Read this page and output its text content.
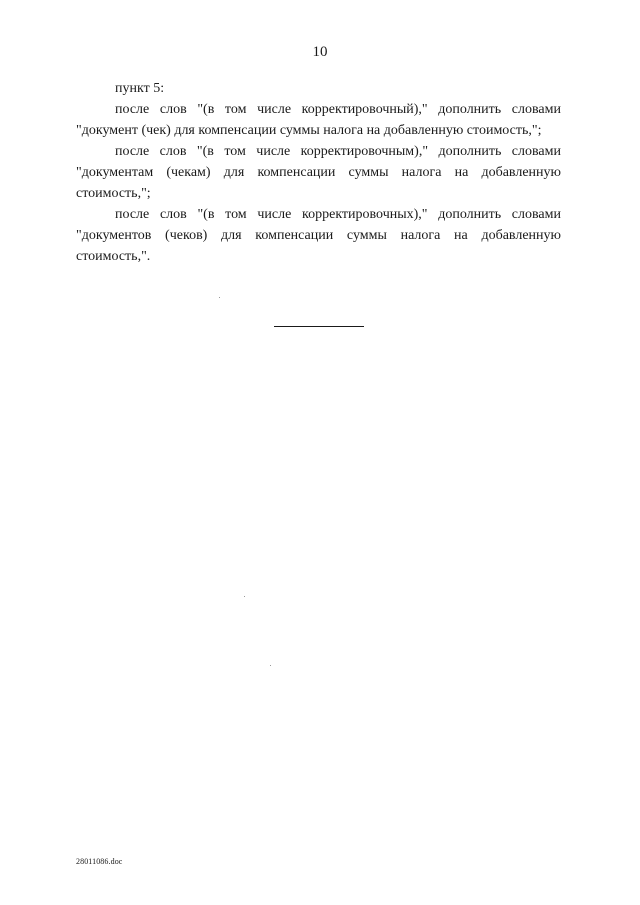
10

пункт 5:

после слов "(в том числе корректировочный)," дополнить словами "документ (чек) для компенсации суммы налога на добавленную стоимость,";

после слов "(в том числе корректировочным)," дополнить словами "документам (чекам) для компенсации суммы налога на добавленную стоимость,";

после слов "(в том числе корректировочных)," дополнить словами "документов (чеков) для компенсации суммы налога на добавленную стоимость,".

28011086.doc
